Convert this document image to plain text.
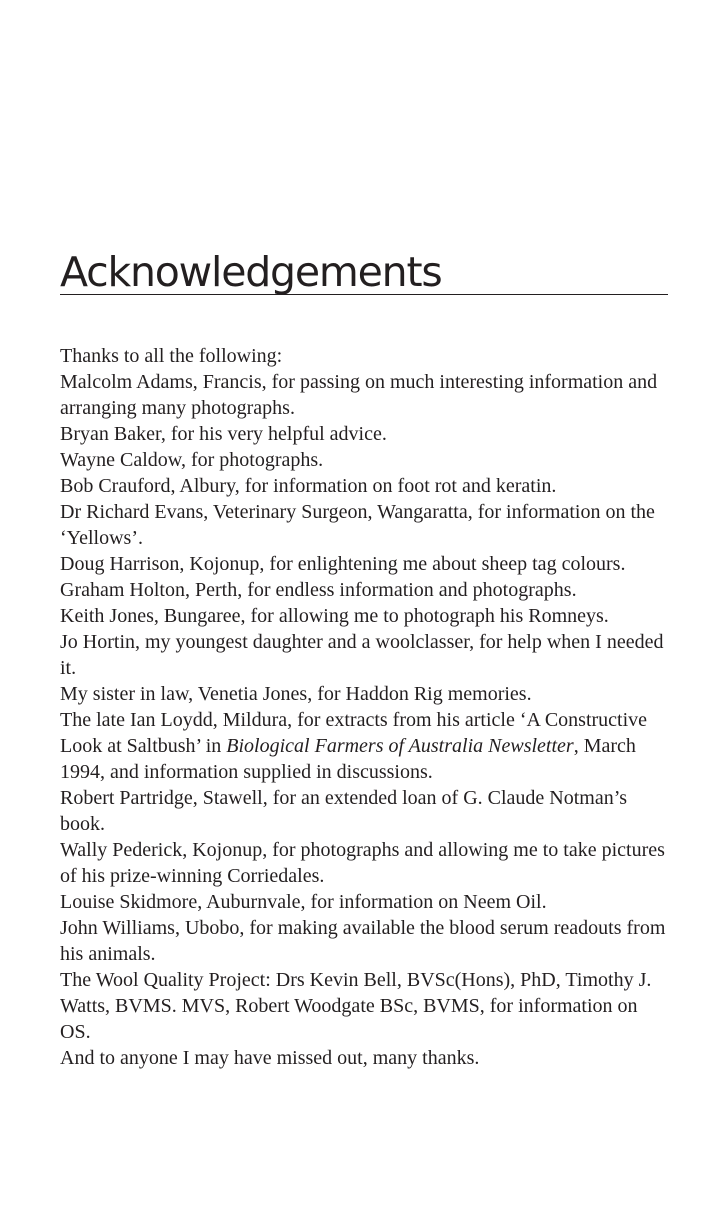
Acknowledgements

Thanks to all the following:

Malcolm Adams, Francis, for passing on much interesting information and arranging many photographs.

Bryan Baker, for his very helpful advice.

Wayne Caldow, for photographs.

Bob Crauford, Albury, for information on foot rot and keratin.

Dr Richard Evans, Veterinary Surgeon, Wangaratta, for information on the ‘Yellows’.

Doug Harrison, Kojonup, for enlightening me about sheep tag colours.

Graham Holton, Perth, for endless information and photographs.

Keith Jones, Bungaree, for allowing me to photograph his Romneys.

Jo Hortin, my youngest daughter and a woolclasser, for help when I needed it.

My sister in law, Venetia Jones, for Haddon Rig memories.

The late Ian Loydd, Mildura, for extracts from his article ‘A Constructive Look at Saltbush’ in Biological Farmers of Australia Newsletter, March 1994, and information supplied in discussions.

Robert Partridge, Stawell, for an extended loan of G. Claude Notman’s book.

Wally Pederick, Kojonup, for photographs and allowing me to take pictures of his prize-winning Corriedales.

Louise Skidmore, Auburnvale, for information on Neem Oil.

John Williams, Ubobo, for making available the blood serum readouts from his animals.

The Wool Quality Project: Drs Kevin Bell, BVSc(Hons), PhD, Timothy J. Watts, BVMS. MVS, Robert Woodgate BSc, BVMS, for information on OS.

And to anyone I may have missed out, many thanks.
